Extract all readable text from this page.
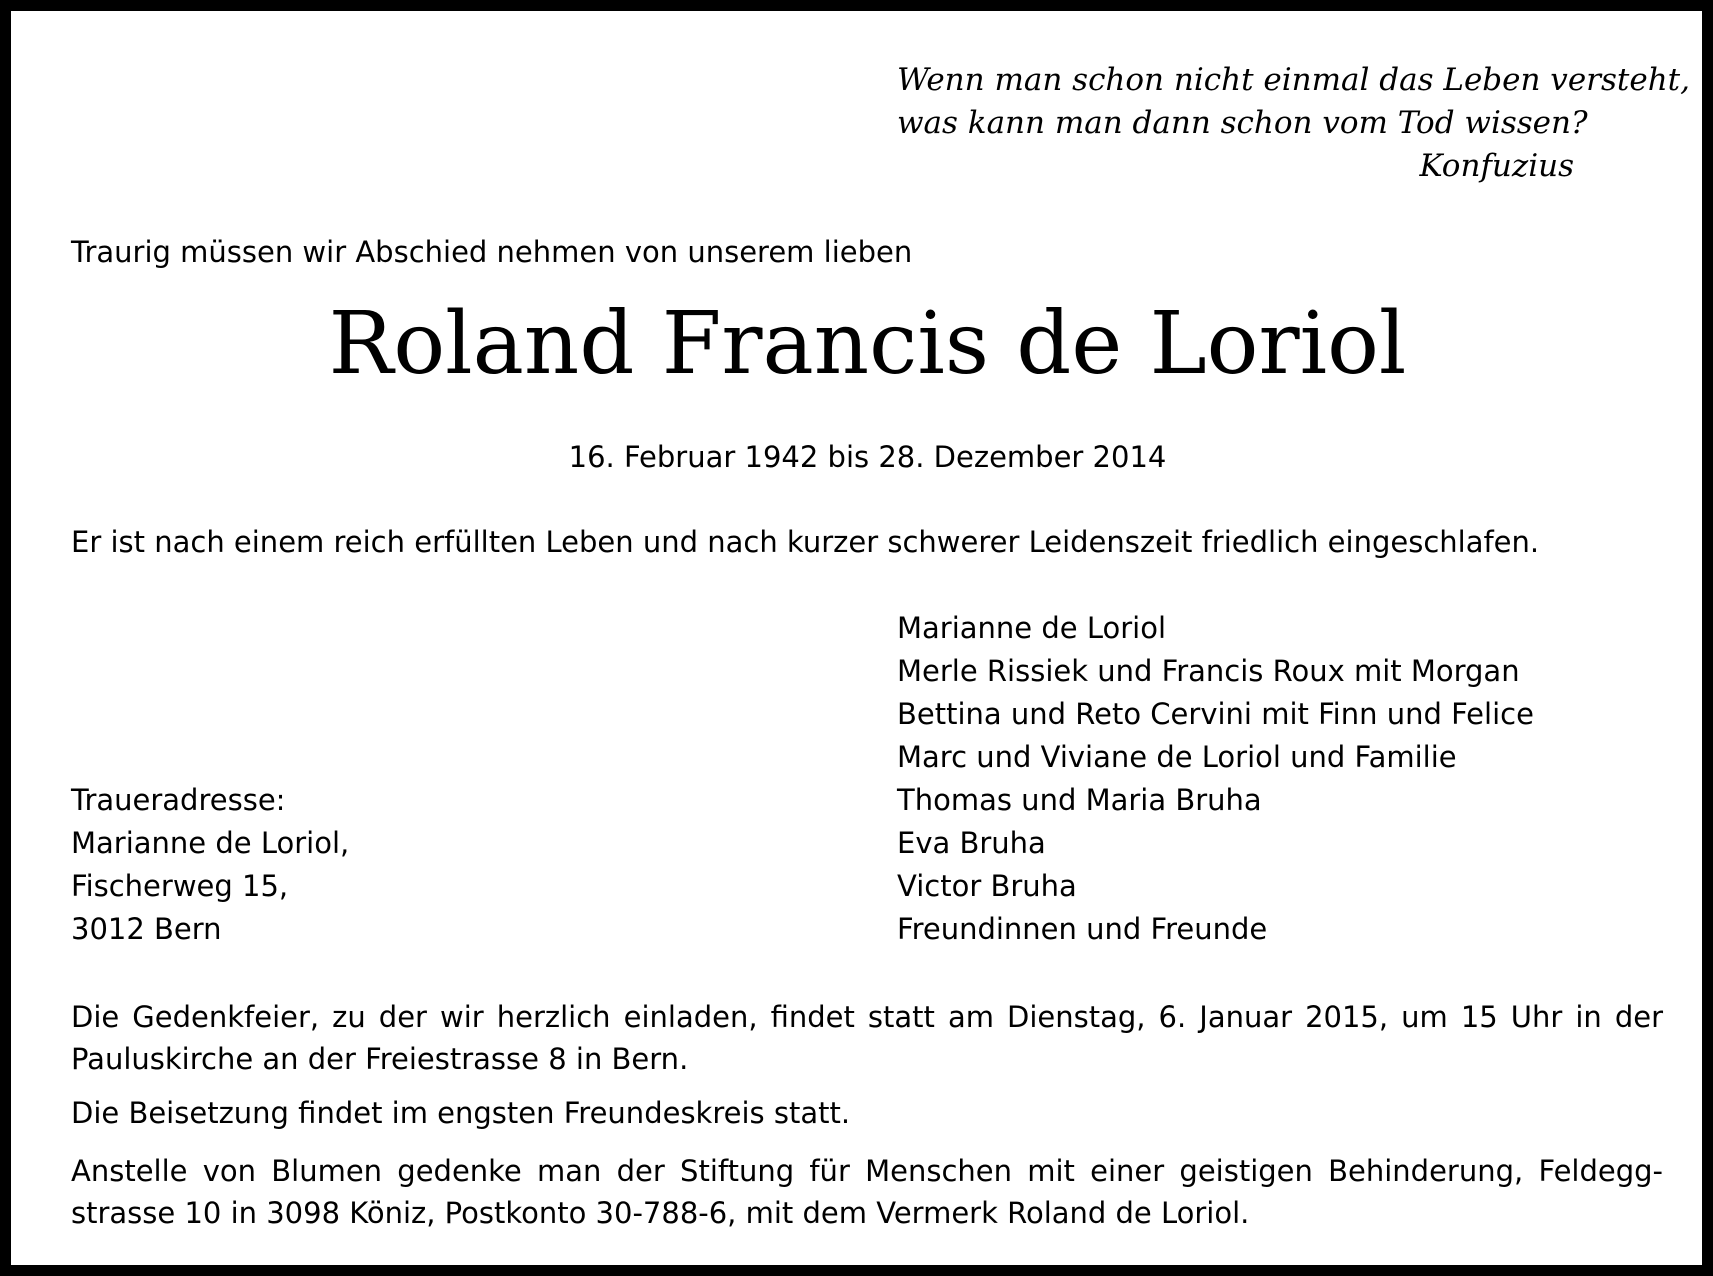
Wenn man schon nicht einmal das Leben versteht,
was kann man dann schon vom Tod wissen?
Konfuzius

Traurig müssen wir Abschied nehmen von unserem lieben

Roland Francis de Loriol

16. Februar 1942 bis 28. Dezember 2014

Er ist nach einem reich erfüllten Leben und nach kurzer schwerer Leidenszeit friedlich eingeschlafen.

Marianne de Loriol
Merle Rissiek und Francis Roux mit Morgan
Bettina und Reto Cervini mit Finn und Felice
Marc und Viviane de Loriol und Familie
Thomas und Maria Bruha
Eva Bruha
Victor Bruha
Freundinnen und Freunde
Traueradresse:
Marianne de Loriol,
Fischerweg 15,
3012 Bern

Die Gedenkfeier, zu der wir herzlich einladen, findet statt am Dienstag, 6. Januar 2015, um 15 Uhr in der Pauluskirche an der Freiestrasse 8 in Bern.

Die Beisetzung findet im engsten Freundeskreis statt.

Anstelle von Blumen gedenke man der Stiftung für Menschen mit einer geistigen Behinderung, Feldeggstrasse 10 in 3098 Köniz, Postkonto 30-788-6, mit dem Vermerk Roland de Loriol.
